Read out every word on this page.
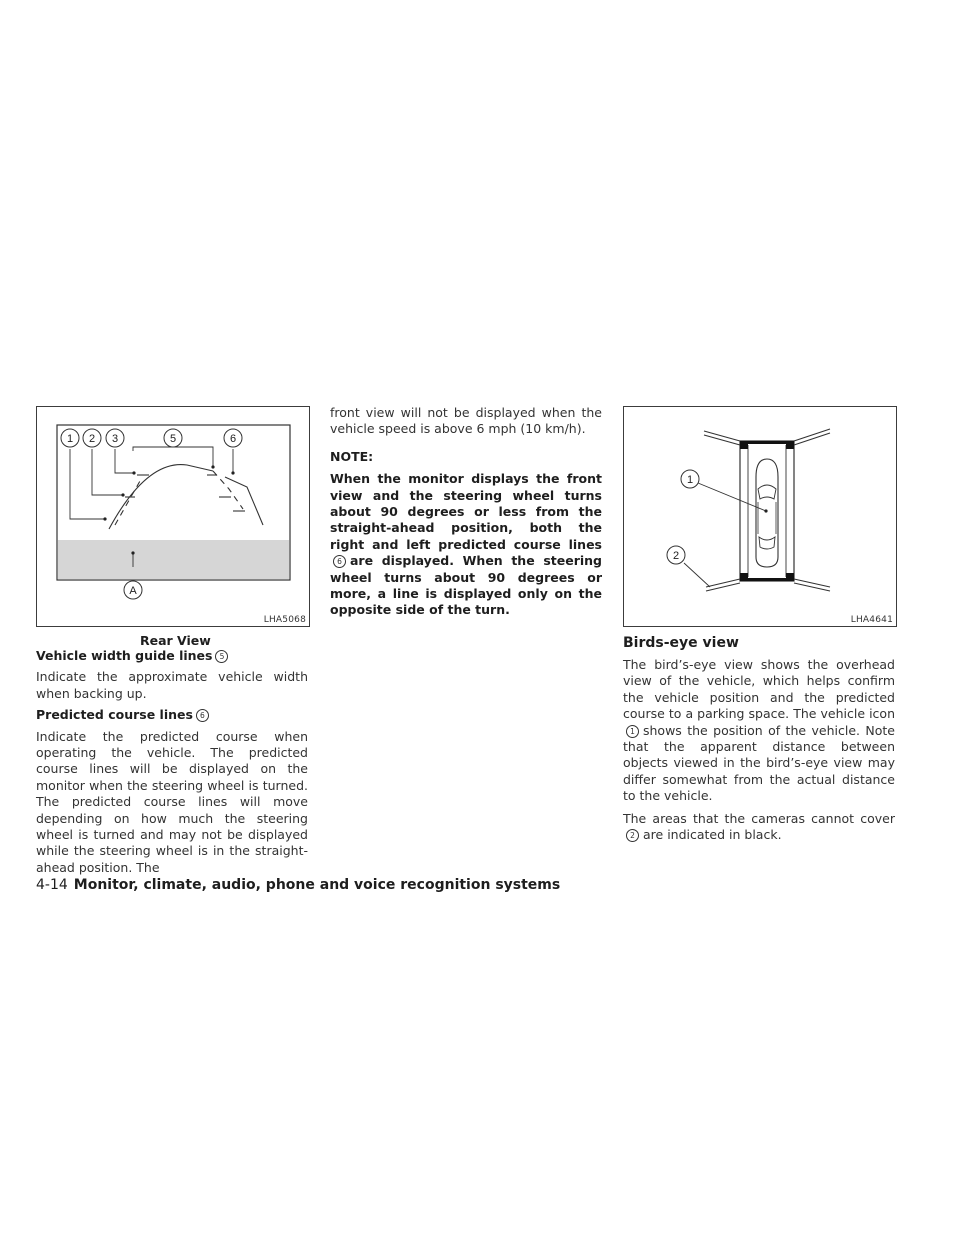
1 2 3	5	6
A
LHA5068
Rear View

Vehicle width guide lines 5

Indicate the approximate vehicle width when backing up.

Predicted course lines 6

Indicate the predicted course when operating the vehicle. The predicted course lines will be displayed on the monitor when the steering wheel is turned. The predicted course lines will move depending on how much the steering wheel is turned and may not be displayed while the steering wheel is in the straight-ahead position. The

front view will not be displayed when the vehicle speed is above 6 mph (10 km/h).

NOTE:

When the monitor displays the front view and the steering wheel turns about 90 degrees or less from the straight-ahead position, both the right and left predicted course lines6 are displayed. When the steering wheel turns about 90 degrees or more, a line is displayed only on the opposite side of the turn.

1
2
LHA4641

Birds-eye view

The bird’s-eye view shows the overhead view of the vehicle, which helps confirm the vehicle position and the predicted course to a parking space. The vehicle icon1 shows the position of the vehicle. Note that the apparent distance between objects viewed in the bird’s-eye view may differ somewhat from the actual distance to the vehicle.

The areas that the cameras cannot cover 2 are indicated in black.

4-14 Monitor, climate, audio, phone and voice recognition systems
